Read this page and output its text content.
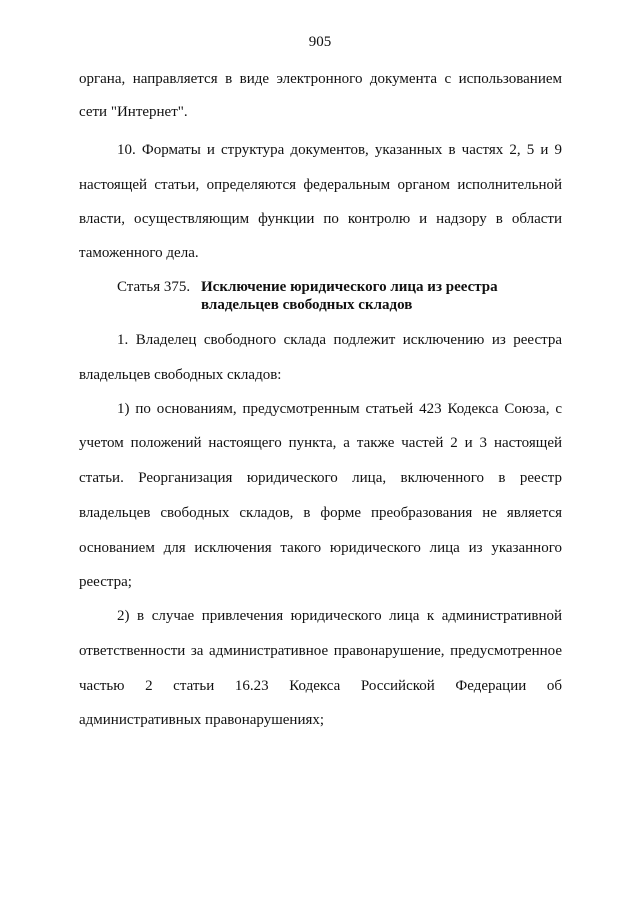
905
органа, направляется в виде электронного документа с использованием
сети "Интернет".
10. Форматы и структура документов, указанных в частях 2, 5 и 9
настоящей статьи, определяются федеральным органом исполнительной
власти, осуществляющим функции по контролю и надзору в области
таможенного дела.
Статья 375. Исключение юридического лица из реестра
владельцев свободных складов
1. Владелец свободного склада подлежит исключению из реестра
владельцев свободных складов:
1) по основаниям, предусмотренным статьей 423 Кодекса Союза, с
учетом положений настоящего пункта, а также частей 2 и 3 настоящей
статьи. Реорганизация юридического лица, включенного в реестр
владельцев свободных складов, в форме преобразования не является
основанием для исключения такого юридического лица из указанного
реестра;
2) в случае привлечения юридического лица к административной
ответственности за административное правонарушение, предусмотренное
частью 2 статьи 16.23 Кодекса Российской Федерации об
административных правонарушениях;
